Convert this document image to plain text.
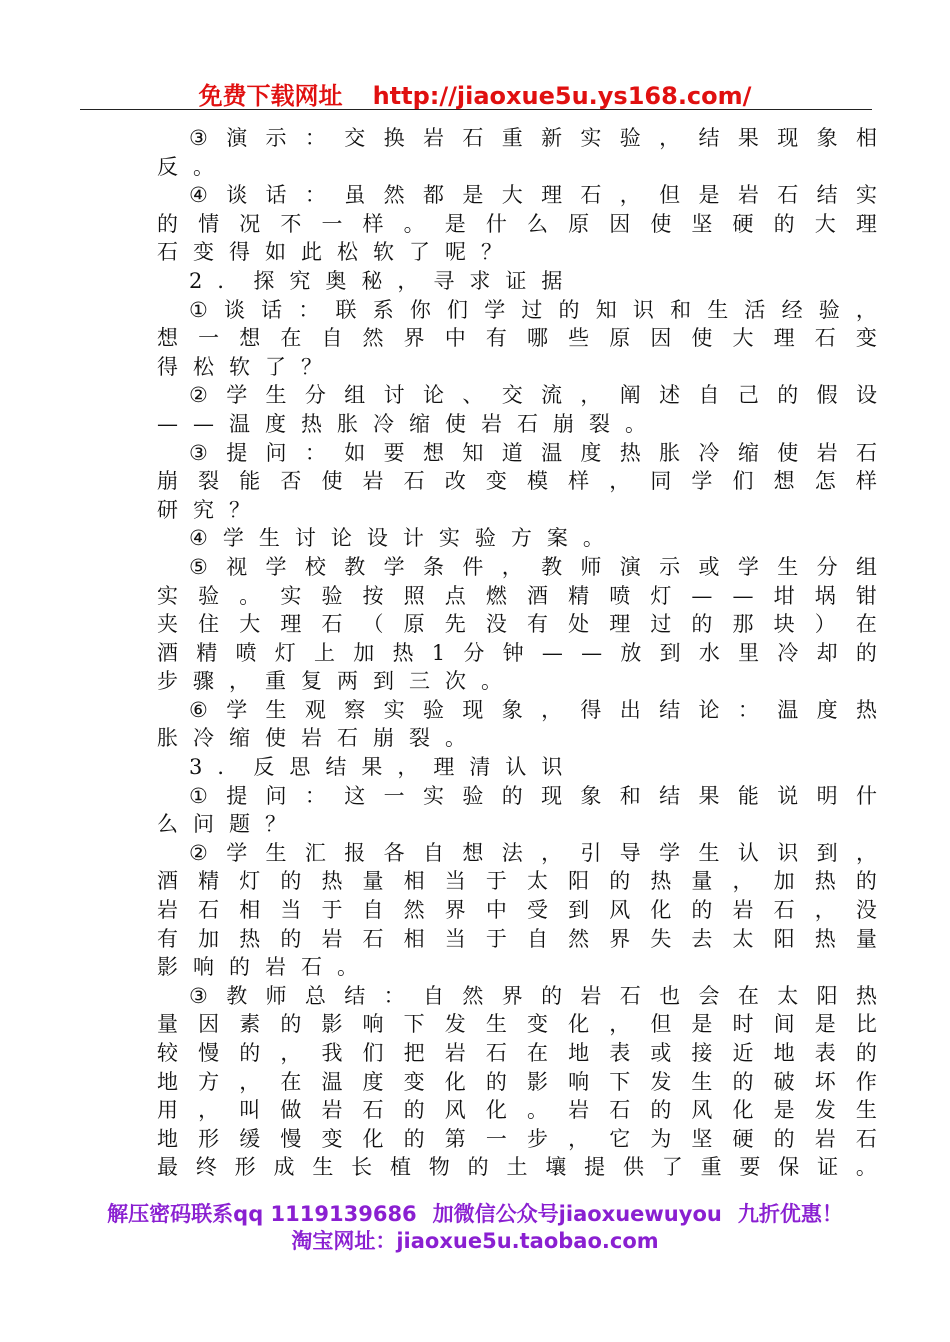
免费下载网址 http://jiaoxue5u.ys168.com/
③ 演 示 ： 交 换 岩 石 重 新 实 验 ， 结 果 现 象 相
反 。
④ 谈 话 ： 虽 然 都 是 大 理 石 ， 但 是 岩 石 结 实
的 情 况 不 一 样 。 是 什 么 原 因 使 坚 硬 的 大 理
石 变 得 如 此 松 软 了 呢 ？
2 ． 探 究 奥 秘 ， 寻 求 证 据
① 谈 话 ： 联 系 你 们 学 过 的 知 识 和 生 活 经 验 ，
想 一 想 在 自 然 界 中 有 哪 些 原 因 使 大 理 石 变
得 松 软 了 ？
② 学 生 分 组 讨 论 、 交 流 ， 阐 述 自 己 的 假 设
— — 温 度 热 胀 冷 缩 使 岩 石 崩 裂 。
③ 提 问 ： 如 要 想 知 道 温 度 热 胀 冷 缩 使 岩 石
崩 裂 能 否 使 岩 石 改 变 模 样 ， 同 学 们 想 怎 样
研 究 ？
④ 学 生 讨 论 设 计 实 验 方 案 。
⑤ 视 学 校 教 学 条 件 ， 教 师 演 示 或 学 生 分 组
实 验 。 实 验 按 照 点 燃 酒 精 喷 灯 — — 坩 埚 钳
夹 住 大 理 石 （ 原 先 没 有 处 理 过 的 那 块 ） 在
酒 精 喷 灯 上 加 热 1 分 钟 — — 放 到 水 里 冷 却 的
步 骤 ， 重 复 两 到 三 次 。
⑥ 学 生 观 察 实 验 现 象 ， 得 出 结 论 ： 温 度 热
胀 冷 缩 使 岩 石 崩 裂 。
3 ． 反 思 结 果 ， 理 清 认 识
① 提 问 ： 这 一 实 验 的 现 象 和 结 果 能 说 明 什
么 问 题 ？
② 学 生 汇 报 各 自 想 法 ， 引 导 学 生 认 识 到 ，
酒 精 灯 的 热 量 相 当 于 太 阳 的 热 量 ， 加 热 的
岩 石 相 当 于 自 然 界 中 受 到 风 化 的 岩 石 ， 没
有 加 热 的 岩 石 相 当 于 自 然 界 失 去 太 阳 热 量
影 响 的 岩 石 。
③ 教 师 总 结 ： 自 然 界 的 岩 石 也 会 在 太 阳 热
量 因 素 的 影 响 下 发 生 变 化 ， 但 是 时 间 是 比
较 慢 的 ， 我 们 把 岩 石 在 地 表 或 接 近 地 表 的
地 方 ， 在 温 度 变 化 的 影 响 下 发 生 的 破 坏 作
用 ， 叫 做 岩 石 的 风 化 。 岩 石 的 风 化 是 发 生
地 形 缓 慢 变 化 的 第 一 步 ， 它 为 坚 硬 的 岩 石
最 终 形 成 生 长 植 物 的 土 壤 提 供 了 重 要 保 证 。
解压密码联系qq 1119139686 加微信公众号jiaoxuewuyou 九折优惠！
淘宝网址：jiaoxue5u.taobao.com
